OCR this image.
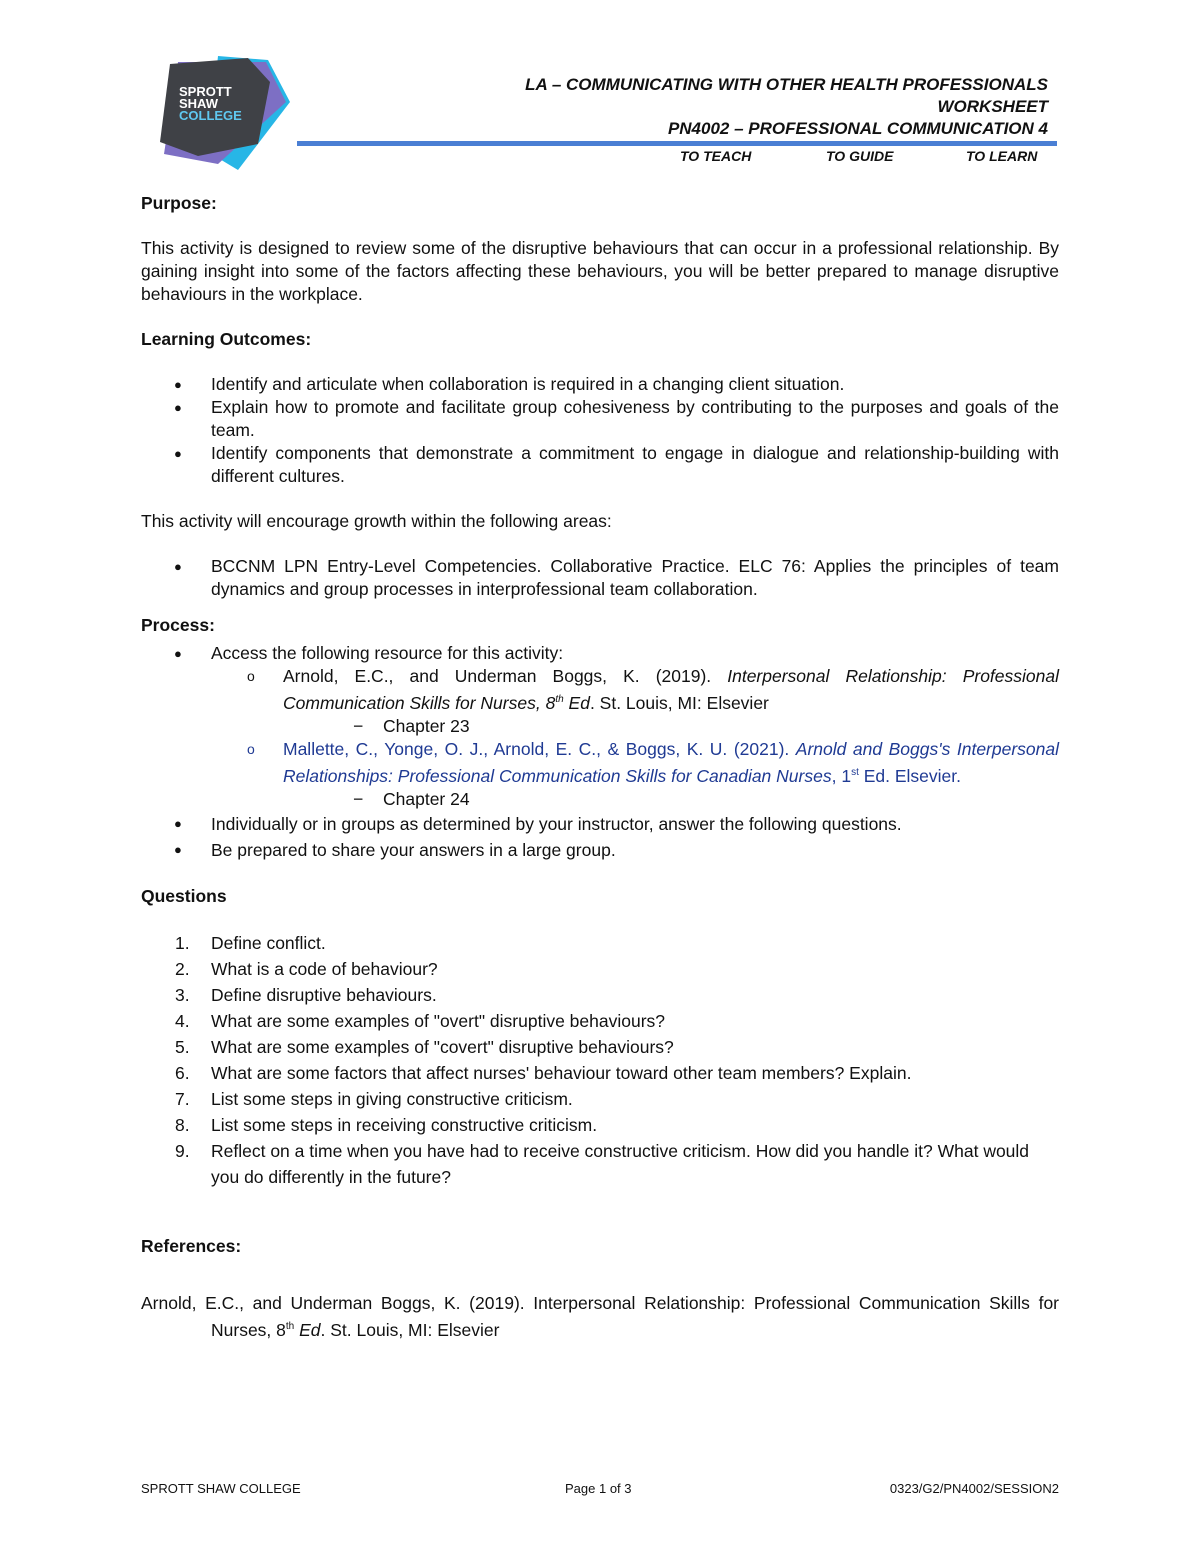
SPROTT
SHAW
COLLEGE
LA – COMMUNICATING WITH OTHER HEALTH PROFESSIONALS
WORKSHEET
PN4002 – PROFESSIONAL COMMUNICATION 4
TO TEACH	TO GUIDE	TO LEARN

Purpose:

This activity is designed to review some of the disruptive behaviours that can occur in a professional relationship. By gaining insight into some of the factors affecting these behaviours, you will be better prepared to manage disruptive behaviours in the workplace.

Learning Outcomes:

● Identify and articulate when collaboration is required in a changing client situation.
● Explain how to promote and facilitate group cohesiveness by contributing to the purposes and goals of the team.
● Identify components that demonstrate a commitment to engage in dialogue and relationship-building with different cultures.

This activity will encourage growth within the following areas:

● BCCNM LPN Entry-Level Competencies. Collaborative Practice. ELC 76: Applies the principles of team dynamics and group processes in interprofessional team collaboration.

Process:

● Access the following resource for this activity:
o Arnold, E.C., and Underman Boggs, K. (2019). Interpersonal Relationship: Professional Communication Skills for Nurses, 8th Ed. St. Louis, MI: Elsevier
− Chapter 23
o Mallette, C., Yonge, O. J., Arnold, E. C., & Boggs, K. U. (2021). Arnold and Boggs's Interpersonal Relationships: Professional Communication Skills for Canadian Nurses, 1st Ed. Elsevier.
− Chapter 24
● Individually or in groups as determined by your instructor, answer the following questions.
● Be prepared to share your answers in a large group.

Questions

1. Define conflict.
2. What is a code of behaviour?
3. Define disruptive behaviours.
4. What are some examples of "overt" disruptive behaviours?
5. What are some examples of "covert" disruptive behaviours?
6. What are some factors that affect nurses' behaviour toward other team members? Explain.
7. List some steps in giving constructive criticism.
8. List some steps in receiving constructive criticism.
9. Reflect on a time when you have had to receive constructive criticism. How did you handle it? What would you do differently in the future?

References:

Arnold, E.C., and Underman Boggs, K. (2019). Interpersonal Relationship: Professional Communication Skills for Nurses, 8th Ed. St. Louis, MI: Elsevier

SPROTT SHAW COLLEGE	Page 1 of 3	0323/G2/PN4002/SESSION2
